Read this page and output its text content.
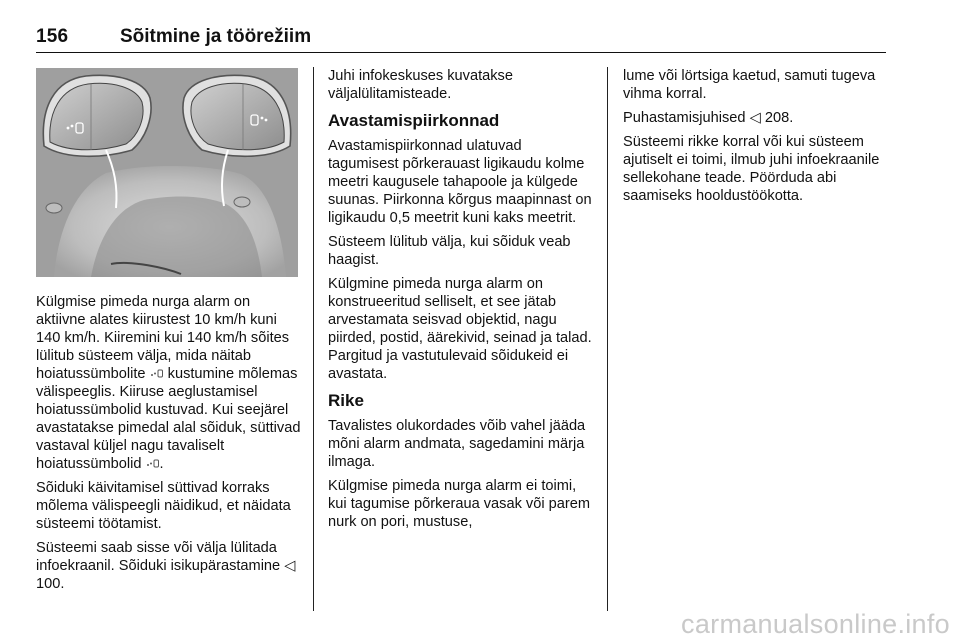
156	Sõitmine ja töörežiim

Külgmise pimeda nurga alarm on aktiivne alates kiirustest 10 km/h kuni 140 km/h. Kiiremini kui 140 km/h sõites lülitub süsteem välja, mida näitab hoiatussümbolite kustumine mõlemas välispeeglis. Kiiruse aeglustamisel hoiatussümbolid kustuvad. Kui seejärel avastatakse pimedal alal sõiduk, süttivad vastaval küljel nagu tavaliselt hoiatussümbolid .

Sõiduki käivitamisel süttivad korraks mõlema välispeegli näidikud, et näidata süsteemi töötamist.

Süsteemi saab sisse või välja lülitada infoekraanil. Sõiduki isikupärastamine ◁ 100.

Juhi infokeskuses kuvatakse väljalülitamisteade.

Avastamispiirkonnad

Avastamispiirkonnad ulatuvad tagumisest põrkerauast ligikaudu kolme meetri kaugusele tahapoole ja külgede suunas. Piirkonna kõrgus maapinnast on ligikaudu 0,5 meetrit kuni kaks meetrit.

Süsteem lülitub välja, kui sõiduk veab haagist.

Külgmine pimeda nurga alarm on konstrueeritud selliselt, et see jätab arvestamata seisvad objektid, nagu piirded, postid, äärekivid, seinad ja talad. Pargitud ja vastutulevaid sõidukeid ei avastata.

Rike

Tavalistes olukordades võib vahel jääda mõni alarm andmata, sagedamini märja ilmaga.

Külgmise pimeda nurga alarm ei toimi, kui tagumise põrkeraua vasak või parem nurk on pori, mustuse,

lume või lörtsiga kaetud, samuti tugeva vihma korral.

Puhastamisjuhised ◁ 208.

Süsteemi rikke korral või kui süsteem ajutiselt ei toimi, ilmub juhi infoekraanile sellekohane teade. Pöörduda abi saamiseks hooldustöökotta.

carmanualsonline.info
